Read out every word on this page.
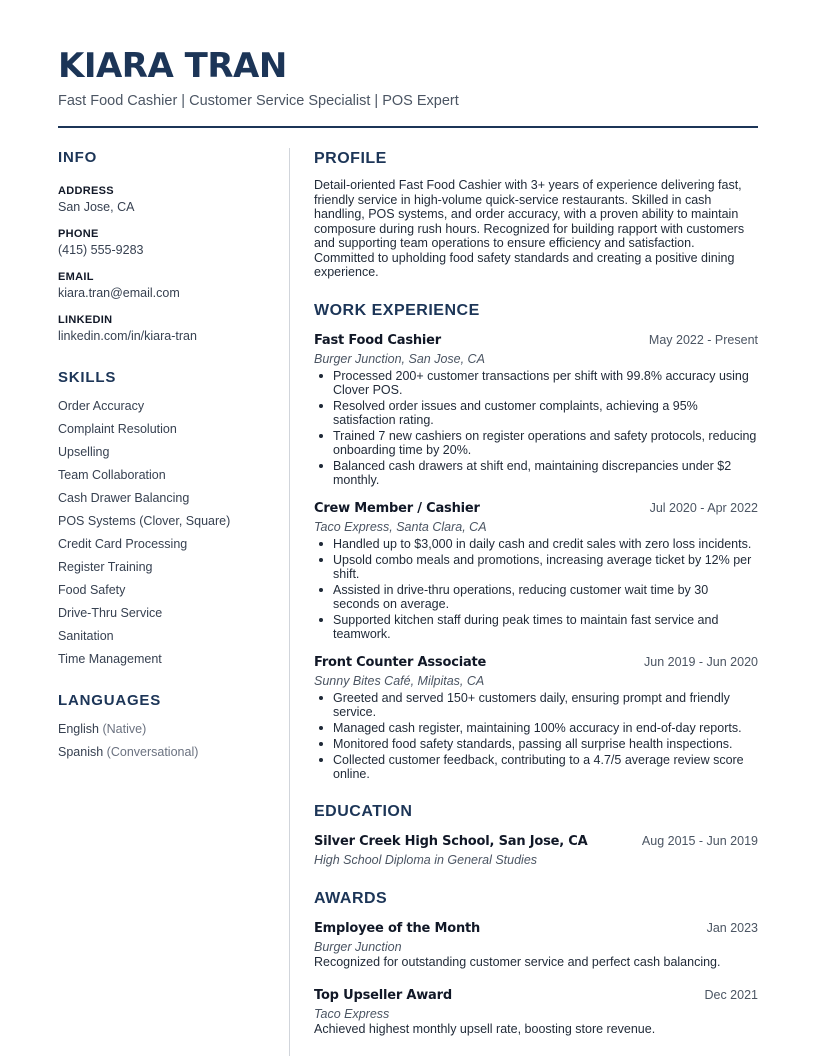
KIARA TRAN
Fast Food Cashier | Customer Service Specialist | POS Expert
INFO
ADDRESS
San Jose, CA
PHONE
(415) 555-9283
EMAIL
kiara.tran@email.com
LINKEDIN
linkedin.com/in/kiara-tran
SKILLS
Order Accuracy
Complaint Resolution
Upselling
Team Collaboration
Cash Drawer Balancing
POS Systems (Clover, Square)
Credit Card Processing
Register Training
Food Safety
Drive-Thru Service
Sanitation
Time Management
LANGUAGES
English (Native)
Spanish (Conversational)
PROFILE
Detail-oriented Fast Food Cashier with 3+ years of experience delivering fast, friendly service in high-volume quick-service restaurants. Skilled in cash handling, POS systems, and order accuracy, with a proven ability to maintain composure during rush hours. Recognized for building rapport with customers and supporting team operations to ensure efficiency and satisfaction. Committed to upholding food safety standards and creating a positive dining experience.
WORK EXPERIENCE
Fast Food Cashier	May 2022 - Present
Burger Junction, San Jose, CA
Processed 200+ customer transactions per shift with 99.8% accuracy using Clover POS.
Resolved order issues and customer complaints, achieving a 95% satisfaction rating.
Trained 7 new cashiers on register operations and safety protocols, reducing onboarding time by 20%.
Balanced cash drawers at shift end, maintaining discrepancies under $2 monthly.
Crew Member / Cashier	Jul 2020 - Apr 2022
Taco Express, Santa Clara, CA
Handled up to $3,000 in daily cash and credit sales with zero loss incidents.
Upsold combo meals and promotions, increasing average ticket by 12% per shift.
Assisted in drive-thru operations, reducing customer wait time by 30 seconds on average.
Supported kitchen staff during peak times to maintain fast service and teamwork.
Front Counter Associate	Jun 2019 - Jun 2020
Sunny Bites Café, Milpitas, CA
Greeted and served 150+ customers daily, ensuring prompt and friendly service.
Managed cash register, maintaining 100% accuracy in end-of-day reports.
Monitored food safety standards, passing all surprise health inspections.
Collected customer feedback, contributing to a 4.7/5 average review score online.
EDUCATION
Silver Creek High School, San Jose, CA	Aug 2015 - Jun 2019
High School Diploma in General Studies
AWARDS
Employee of the Month	Jan 2023
Burger Junction
Recognized for outstanding customer service and perfect cash balancing.
Top Upseller Award	Dec 2021
Taco Express
Achieved highest monthly upsell rate, boosting store revenue.
